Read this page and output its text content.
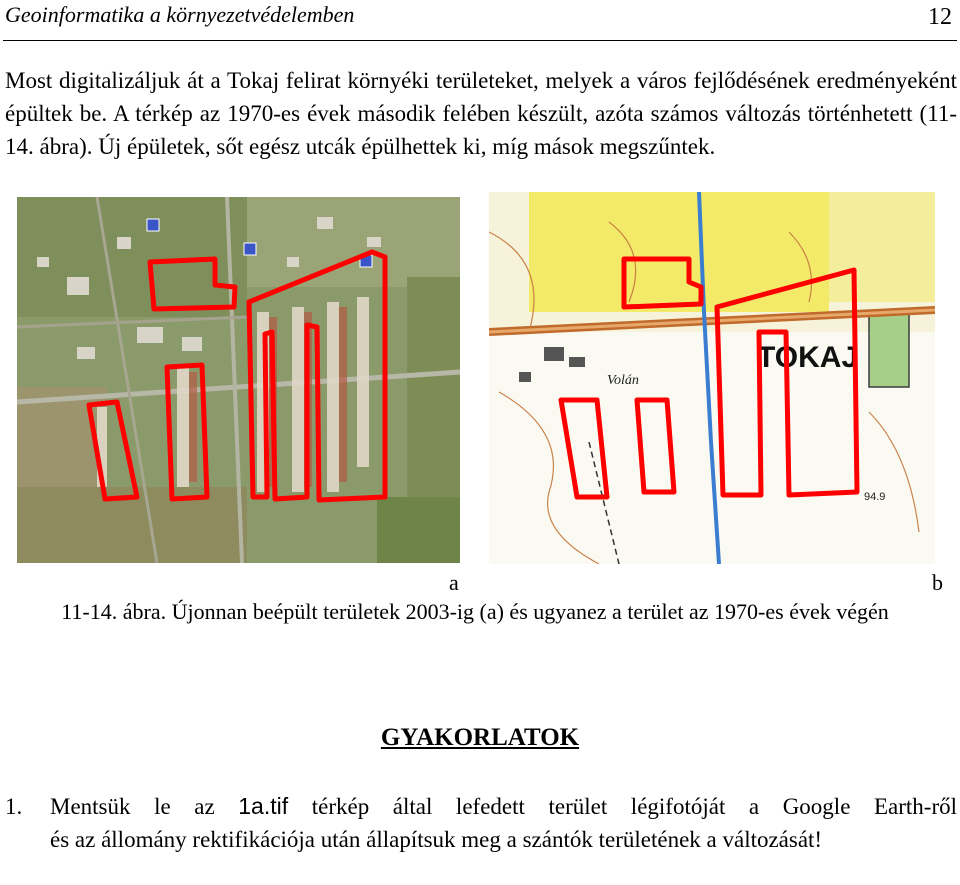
Geoinformatika a környezetvédelemben	12

Most digitalizáljuk át a Tokaj felirat környéki területeket, melyek a város fejlődésének eredményeként épültek be. A térkép az 1970-es évek második felében készült, azóta számos változás történhetett (11-14. ábra). Új épületek, sőt egész utcák épülhettek ki, míg mások megszűntek.

Volán
TOKAJ
94.9
a	b

11-14. ábra. Újonnan beépült területek 2003-ig (a) és ugyanez a terület az 1970-es évek végén

GYAKORLATOK
1. Mentsük le az 1a.tif térkép által lefedett terület légifotóját a Google Earth-ről
és az állomány rektifikációja után állapítsuk meg a szántók területének a változását!
